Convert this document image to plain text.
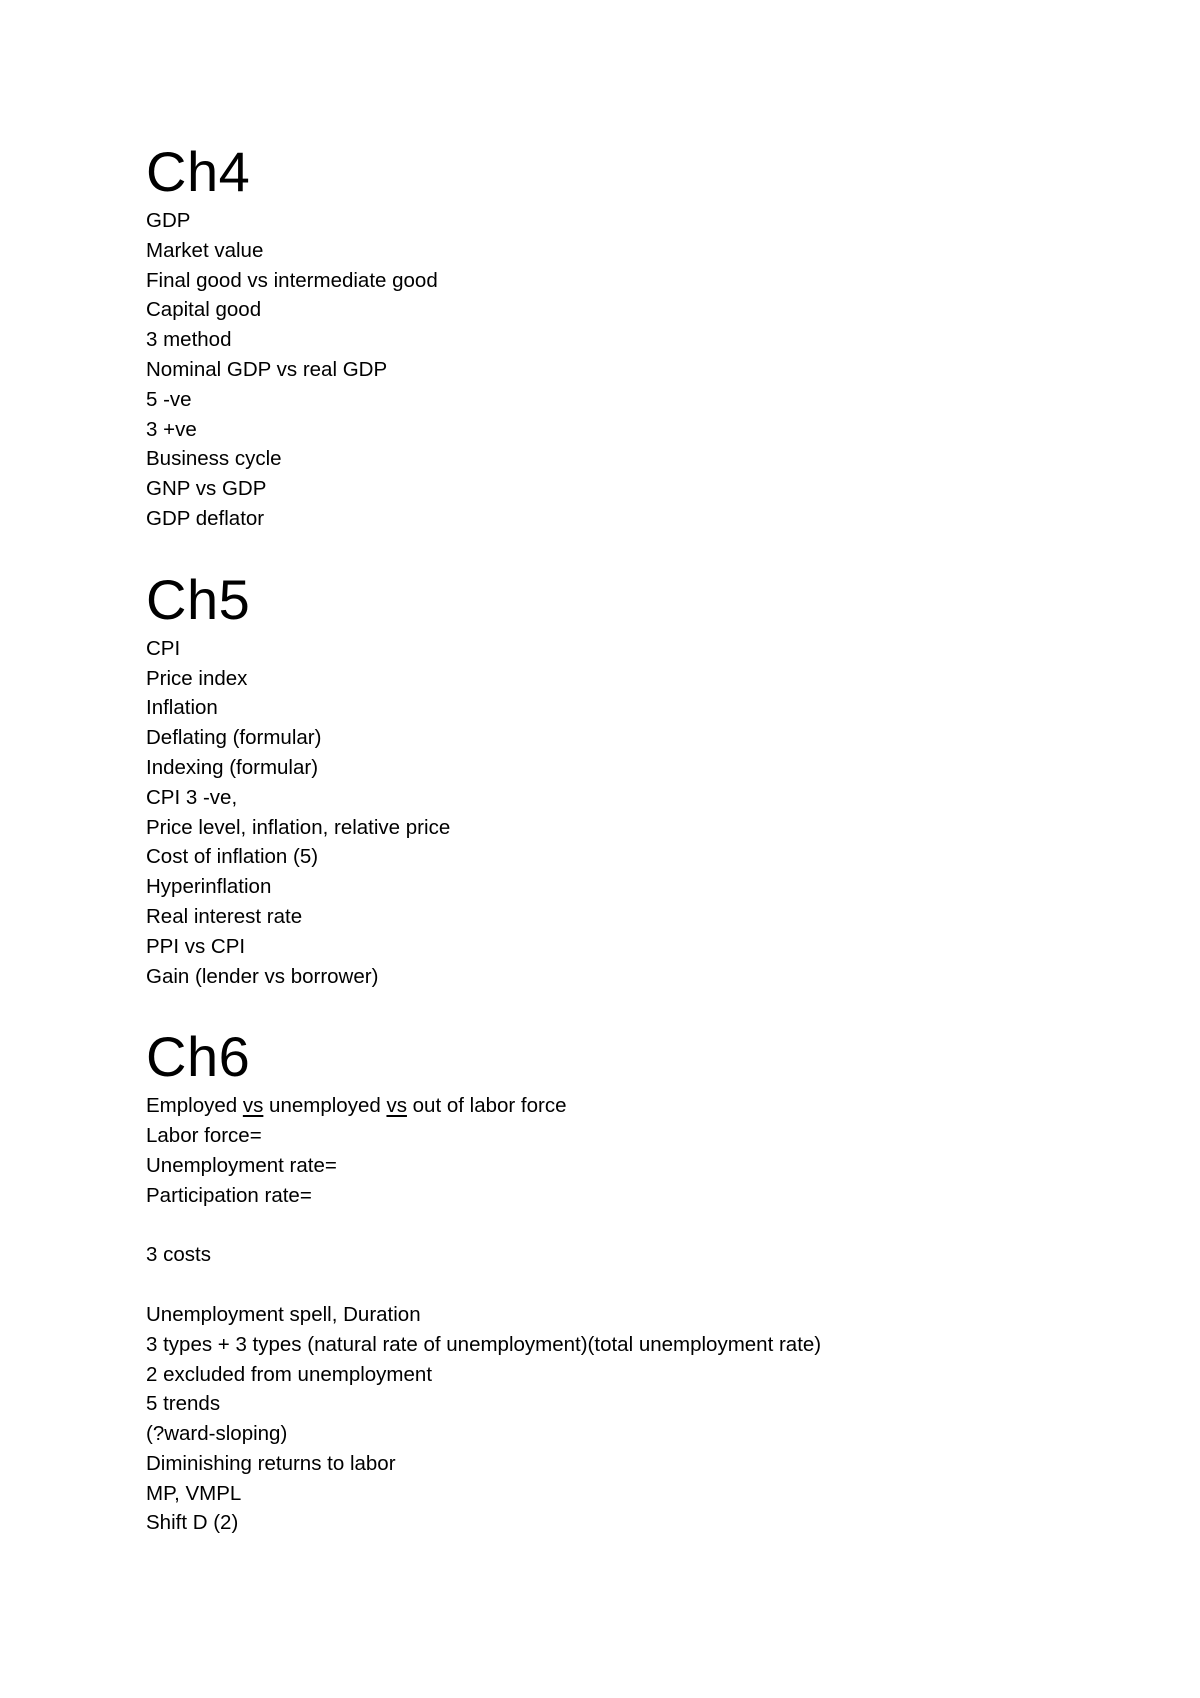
Ch4
GDP
Market value
Final good vs intermediate good
Capital good
3 method
Nominal GDP vs real GDP
5 -ve
3 +ve
Business cycle
GNP vs GDP
GDP deflator
Ch5
CPI
Price index
Inflation
Deflating (formular)
Indexing (formular)
CPI 3 -ve,
Price level, inflation, relative price
Cost of inflation (5)
Hyperinflation
Real interest rate
PPI vs CPI
Gain (lender vs borrower)
Ch6
Employed vs unemployed vs out of labor force
Labor force=
Unemployment rate=
Participation rate=
3 costs
Unemployment spell, Duration
3 types + 3 types (natural rate of unemployment)(total unemployment rate)
2 excluded from unemployment
5 trends
(?ward-sloping)
Diminishing returns to labor
MP, VMPL
Shift D (2)
